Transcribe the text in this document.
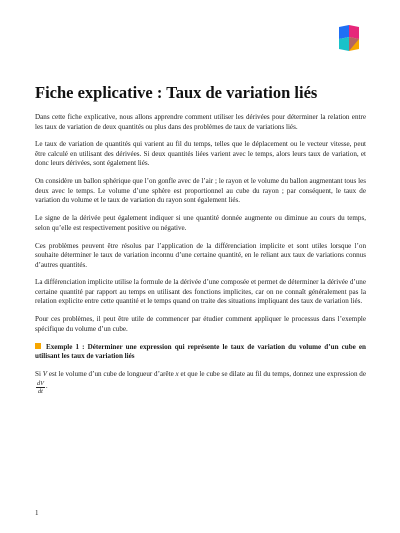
Fiche explicative : Taux de variation liés

Dans cette fiche explicative, nous allons apprendre comment utiliser les dérivées pour déterminer la relation entre les taux de variation de deux quantités ou plus dans des problèmes de taux de variations liés.

Le taux de variation de quantités qui varient au fil du temps, telles que le déplacement ou le vecteur vitesse, peut être calculé en utilisant des dérivées. Si deux quantités liées varient avec le temps, alors leurs taux de variation, et donc leurs dérivées, sont également liés.

On considère un ballon sphérique que l’on gonfle avec de l’air ; le rayon et le volume du ballon augmentant tous les deux avec le temps. Le volume d’une sphère est proportionnel au cube du rayon ; par conséquent, le taux de variation du volume et le taux de variation du rayon sont également liés.

Le signe de la dérivée peut également indiquer si une quantité donnée augmente ou diminue au cours du temps, selon qu’elle est respectivement positive ou négative.

Ces problèmes peuvent être résolus par l’application de la différenciation implicite et sont utiles lorsque l’on souhaite déterminer le taux de variation inconnu d’une certaine quantité, en le reliant aux taux de variations connus d’autres quantités.

La différenciation implicite utilise la formule de la dérivée d’une composée et permet de déterminer la dérivée d’une certaine quantité par rapport au temps en utilisant des fonctions implicites, car on ne connaît généralement pas la relation explicite entre cette quantité et le temps quand on traite des situations impliquant des taux de variation liés.

Pour ces problèmes, il peut être utile de commencer par étudier comment appliquer le processus dans l’exemple spécifique du volume d’un cube.

Exemple 1 : Déterminer une expression qui représente le taux de variation du volume d’un cube en utilisant les taux de variation liés

Si V est le volume d’un cube de longueur d’arête x et que le cube se dilate au fil du temps, donnez une expression de
$\frac{dV}{dt}$ .

1
